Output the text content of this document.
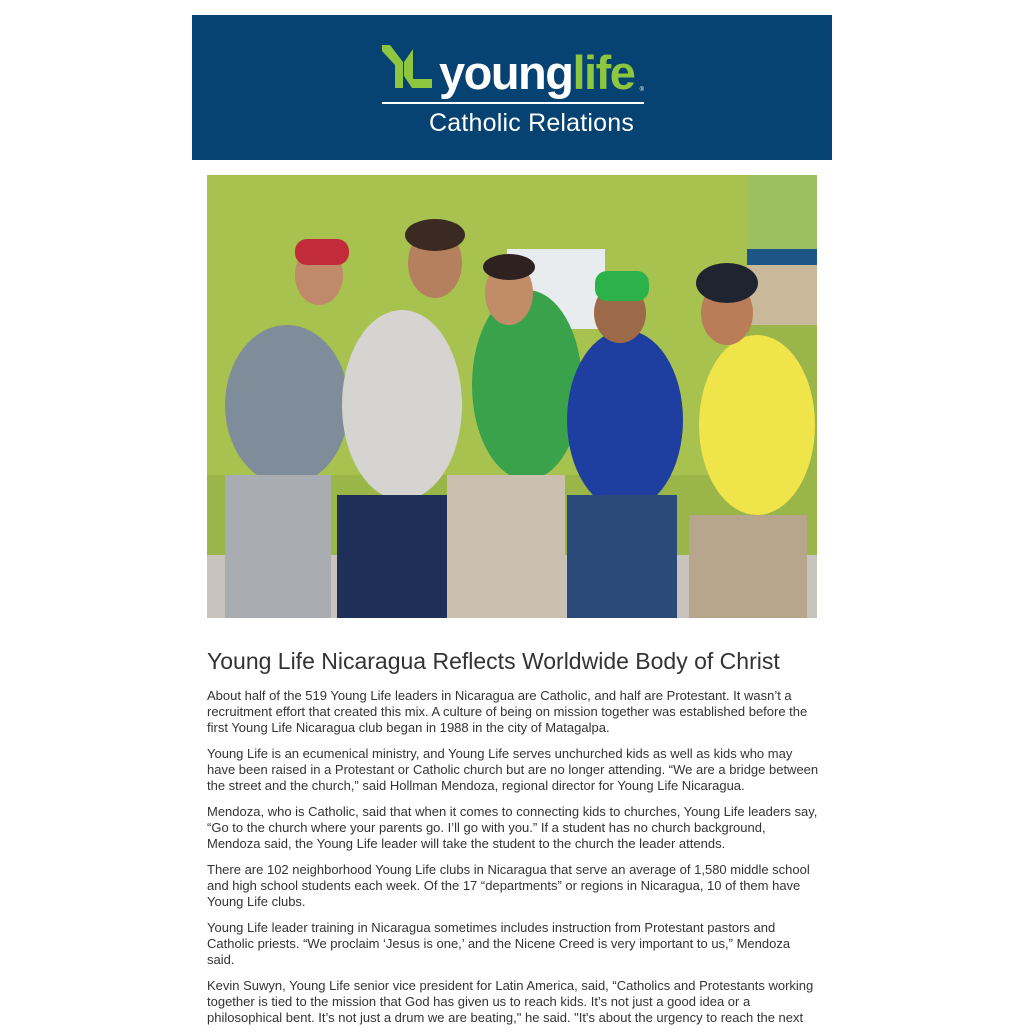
younglife ®
Catholic Relations
Young Life Nicaragua Reflects Worldwide Body of Christ

About half of the 519 Young Life leaders in Nicaragua are Catholic, and half are Protestant. It wasn’t a recruitment effort that created this mix. A culture of being on mission together was established before the first Young Life Nicaragua club began in 1988 in the city of Matagalpa.

Young Life is an ecumenical ministry, and Young Life serves unchurched kids as well as kids who may have been raised in a Protestant or Catholic church but are no longer attending. “We are a bridge between the street and the church,” said Hollman Mendoza, regional director for Young Life Nicaragua.

Mendoza, who is Catholic, said that when it comes to connecting kids to churches, Young Life leaders say, “Go to the church where your parents go. I’ll go with you.” If a student has no church background, Mendoza said, the Young Life leader will take the student to the church the leader attends.

There are 102 neighborhood Young Life clubs in Nicaragua that serve an average of 1,580 middle school and high school students each week. Of the 17 “departments” or regions in Nicaragua, 10 of them have Young Life clubs.

Young Life leader training in Nicaragua sometimes includes instruction from Protestant pastors and Catholic priests. “We proclaim ‘Jesus is one,’ and the Nicene Creed is very important to us,” Mendoza said.

Kevin Suwyn, Young Life senior vice president for Latin America, said, “Catholics and Protestants working together is tied to the mission that God has given us to reach kids. It’s not just a good idea or a philosophical bent. It’s not just a drum we are beating," he said. "It's about the urgency to reach the next
